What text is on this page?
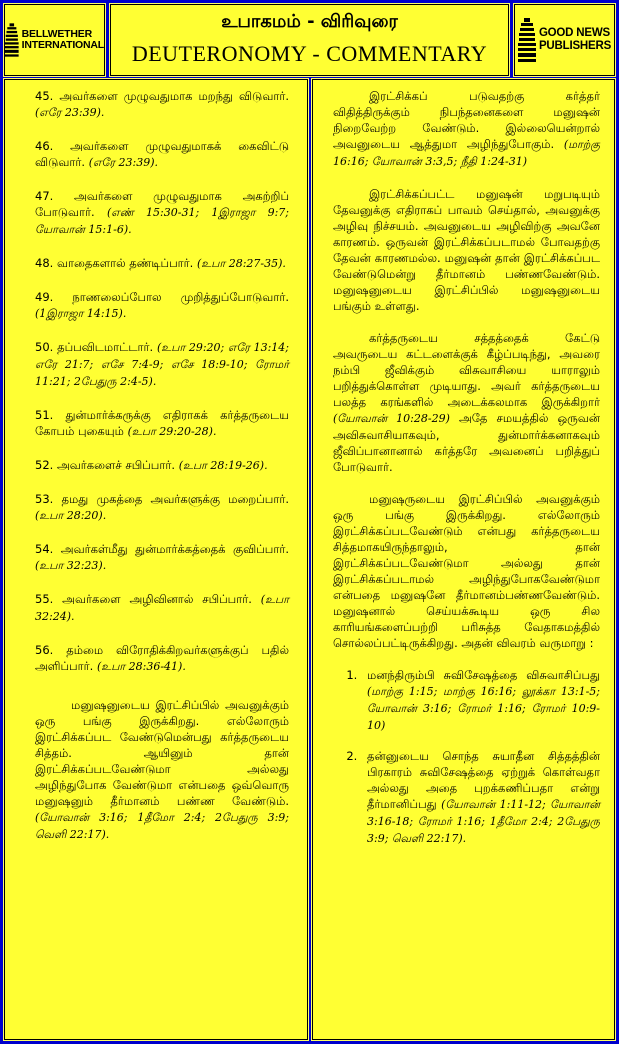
BELLWETHER
INTERNATIONAL
உபாகமம் - விரிவுரை
DEUTERONOMY - COMMENTARY
GOOD NEWS
PUBLISHERS
45. அவர்களை முழுவதுமாக மறந்து விடுவார். (எரே 23:39).
46. அவர்களை முழுவதுமாகக் கைவிட்டு விடுவார். (எரே 23:39).
47. அவர்களை முழுவதுமாக அகற்றிப் போடுவார். (எண் 15:30-31; 1இராஜா 9:7; யோவான் 15:1-6).
48. வாதைகளால் தண்டிப்பார். (உபா 28:27-35).
49. நாணலைப்போல முறித்துப்போடுவார். (1இராஜா 14:15).
50. தப்பவிடமாட்டார். (உபா 29:20; எரே 13:14; எரே 21:7; எசே 7:4-9; எசே 18:9-10; ரோமர் 11:21; 2பேதுரு 2:4-5).
51. துன்மார்க்கருக்கு எதிராகக் கர்த்தருடைய கோபம் புகையும் (உபா 29:20-28).
52. அவர்களைச் சபிப்பார். (உபா 28:19-26).
53. தமது முகத்தை அவர்களுக்கு மறைப்பார். (உபா 28:20).
54. அவர்கள்மீது துன்மார்க்கத்தைக் குவிப்பார். (உபா 32:23).
55. அவர்களை அழிவினால் சபிப்பார். (உபா 32:24).
56. தம்மை விரோதிக்கிறவர்களுக்குப் பதில் அளிப்பார். (உபா 28:36-41).
மனுஷனுடைய இரட்சிப்பில் அவனுக்கும் ஒரு பங்கு இருக்கிறது. எல்லோரும் இரட்சிக்கப்பட வேண்டுமென்பது கர்த்தருடைய சித்தம். ஆயினும் தான் இரட்சிக்கப்படவேண்டுமா அல்லது அழிந்துபோக வேண்டுமா என்பதை ஒவ்வொரு மனுஷனும் தீர்மானம் பண்ண வேண்டும். (யோவான் 3:16; 1தீமோ 2:4; 2பேதுரு 3:9; வெளி 22:17).
இரட்சிக்கப் படுவதற்கு கர்த்தர் விதித்திருக்கும் நிபந்தனைகளை மனுஷன் நிறைவேற்ற வேண்டும். இல்லையென்றால் அவனுடைய ஆத்துமா அழிந்துபோகும். (மாற்கு 16:16; யோவான் 3:3,5; நீதி 1:24-31)
இரட்சிக்கப்பட்ட மனுஷன் மறுபடியும் தேவனுக்கு எதிராகப் பாவம் செய்தால், அவனுக்கு அழிவு நிச்சயம். அவனுடைய அழிவிற்கு அவனே காரணம். ஒருவன் இரட்சிக்கப்படாமல் போவதற்கு தேவன் காரணமல்ல. மனுஷன் தான் இரட்சிக்கப்பட வேண்டுமென்று தீர்மானம் பண்ணவேண்டும். மனுஷனுடைய இரட்சிப்பில் மனுஷனுடைய பங்கும் உள்ளது.
கர்த்தருடைய சத்தத்தைக் கேட்டு அவருடைய கட்டளைக்குக் கீழ்ப்படிந்து, அவரை நம்பி ஜீவிக்கும் விசுவாசியை யாராலும் பறித்துக்கொள்ள முடியாது. அவர் கர்த்தருடைய பலத்த கரங்களில் அடைக்கலமாக இருக்கிறார் (யோவான் 10:28-29) அதே சமயத்தில் ஒருவன் அவிசுவாசியாகவும், துன்மார்க்கனாகவும் ஜீவிப்பானானால் கர்த்தரே அவனைப் பறித்துப் போடுவார்.
மனுஷருடைய இரட்சிப்பில் அவனுக்கும் ஒரு பங்கு இருக்கிறது. எல்லோரும் இரட்சிக்கப்படவேண்டும் என்பது கர்த்தருடைய சித்தமாகயிருந்தாலும், தான் இரட்சிக்கப்படவேண்டுமா அல்லது தான் இரட்சிக்கப்படாமல் அழிந்துபோகவேண்டுமா என்பதை மனுஷனே தீர்மானம்பண்ணவேண்டும். மனுஷனால் செய்யக்கூடிய ஒரு சில காரியங்களைப்பற்றி பரிசுத்த வேதாகமத்தில் சொல்லப்பட்டிருக்கிறது. அதன் விவரம் வருமாறு :
1. மனந்திரும்பி சுவிசேஷத்தை விசுவாசிப்பது (மாற்கு 1:15; மாற்கு 16:16; லூக்கா 13:1-5; யோவான் 3:16; ரோமர் 1:16; ரோமர் 10:9-10)
2. தன்னுடைய சொந்த சுயாதீன சித்தத்தின் பிரகாரம் சுவிசேஷத்தை ஏற்றுக் கொள்வதா அல்லது அதை புறக்கணிப்பதா என்று தீர்மானிப்பது (யோவான் 1:11-12; யோவான் 3:16-18; ரோமர் 1:16; 1தீமோ 2:4; 2பேதுரு 3:9; வெளி 22:17).
